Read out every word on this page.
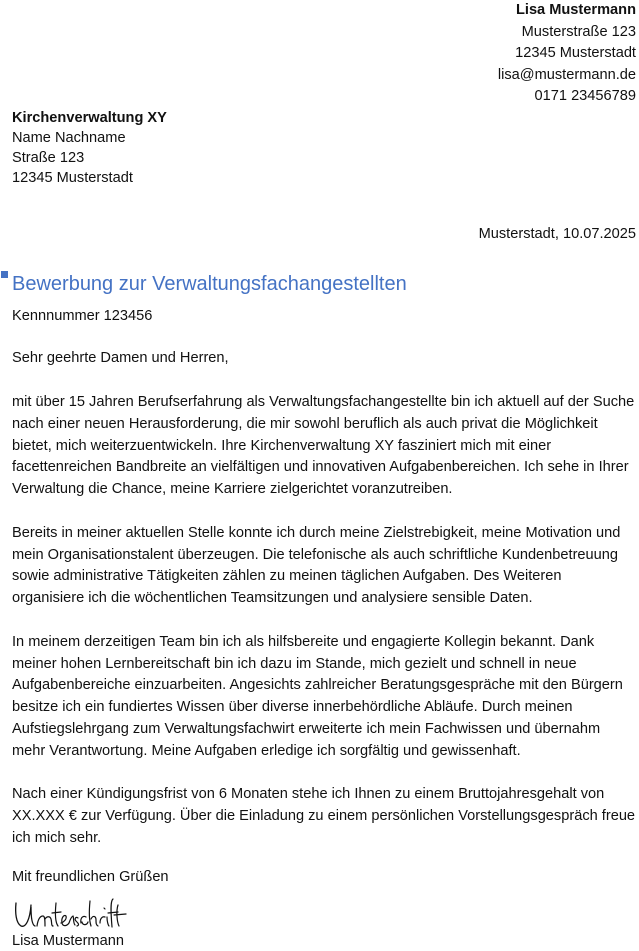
Lisa Mustermann
Musterstraße 123
12345 Musterstadt
lisa@mustermann.de
0171 23456789
Kirchenverwaltung XY
Name Nachname
Straße 123
12345 Musterstadt
Musterstadt, 10.07.2025
Bewerbung zur Verwaltungsfachangestellten
Kennnummer 123456
Sehr geehrte Damen und Herren,

mit über 15 Jahren Berufserfahrung als Verwaltungsfachangestellte bin ich aktuell auf der Suche nach einer neuen Herausforderung, die mir sowohl beruflich als auch privat die Möglichkeit bietet, mich weiterzuentwickeln. Ihre Kirchenverwaltung XY fasziniert mich mit einer facettenreichen Bandbreite an vielfältigen und innovativen Aufgabenbereichen. Ich sehe in Ihrer Verwaltung die Chance, meine Karriere zielgerichtet voranzutreiben.

Bereits in meiner aktuellen Stelle konnte ich durch meine Zielstrebigkeit, meine Motivation und mein Organisationstalent überzeugen. Die telefonische als auch schriftliche Kundenbetreuung sowie administrative Tätigkeiten zählen zu meinen täglichen Aufgaben. Des Weiteren organisiere ich die wöchentlichen Teamsitzungen und analysiere sensible Daten.

In meinem derzeitigen Team bin ich als hilfsbereite und engagierte Kollegin bekannt. Dank meiner hohen Lernbereitschaft bin ich dazu im Stande, mich gezielt und schnell in neue Aufgabenbereiche einzuarbeiten. Angesichts zahlreicher Beratungsgespräche mit den Bürgern besitze ich ein fundiertes Wissen über diverse innerbehördliche Abläufe. Durch meinen Aufstiegslehrgang zum Verwaltungsfachwirt erweiterte ich mein Fachwissen und übernahm mehr Verantwortung. Meine Aufgaben erledige ich sorgfältig und gewissenhaft.

Nach einer Kündigungsfrist von 6 Monaten stehe ich Ihnen zu einem Bruttojahresgehalt von XX.XXX € zur Verfügung. Über die Einladung zu einem persönlichen Vorstellungsgespräch freue ich mich sehr.

Mit freundlichen Grüßen
Lisa Mustermann
